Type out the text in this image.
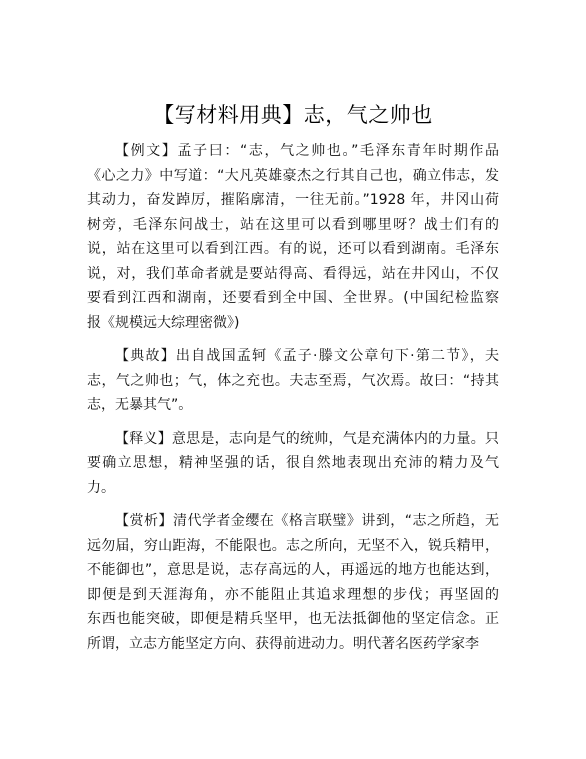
【写材料用典】志，气之帅也
【例文】孟子曰：“志，气之帅也。”毛泽东青年时期作品
《心之力》中写道：“大凡英雄豪杰之行其自己也，确立伟志，发
其动力，奋发踔厉，摧陷廓清，一往无前。”1928 年，井冈山荷
树旁，毛泽东问战士，站在这里可以看到哪里呀？战士们有的
说，站在这里可以看到江西。有的说，还可以看到湖南。毛泽东
说，对，我们革命者就是要站得高、看得远，站在井冈山，不仅
要看到江西和湖南，还要看到全中国、全世界。(中国纪检监察
报《规模远大综理密微》)
【典故】出自战国孟轲《孟子·滕文公章句下·第二节》，夫
志，气之帅也；气，体之充也。夫志至焉，气次焉。故曰：“持其
志，无暴其气”。
【释义】意思是，志向是气的统帅，气是充满体内的力量。只
要确立思想，精神坚强的话，很自然地表现出充沛的精力及气
力。
【赏析】清代学者金缨在《格言联璧》讲到，“志之所趋，无
远勿届，穷山距海，不能限也。志之所向，无坚不入，锐兵精甲，
不能御也”，意思是说，志存高远的人，再遥远的地方也能达到，
即便是到天涯海角，亦不能阻止其追求理想的步伐；再坚固的
东西也能突破，即便是精兵坚甲，也无法抵御他的坚定信念。正
所谓，立志方能坚定方向、获得前进动力。明代著名医药学家李
